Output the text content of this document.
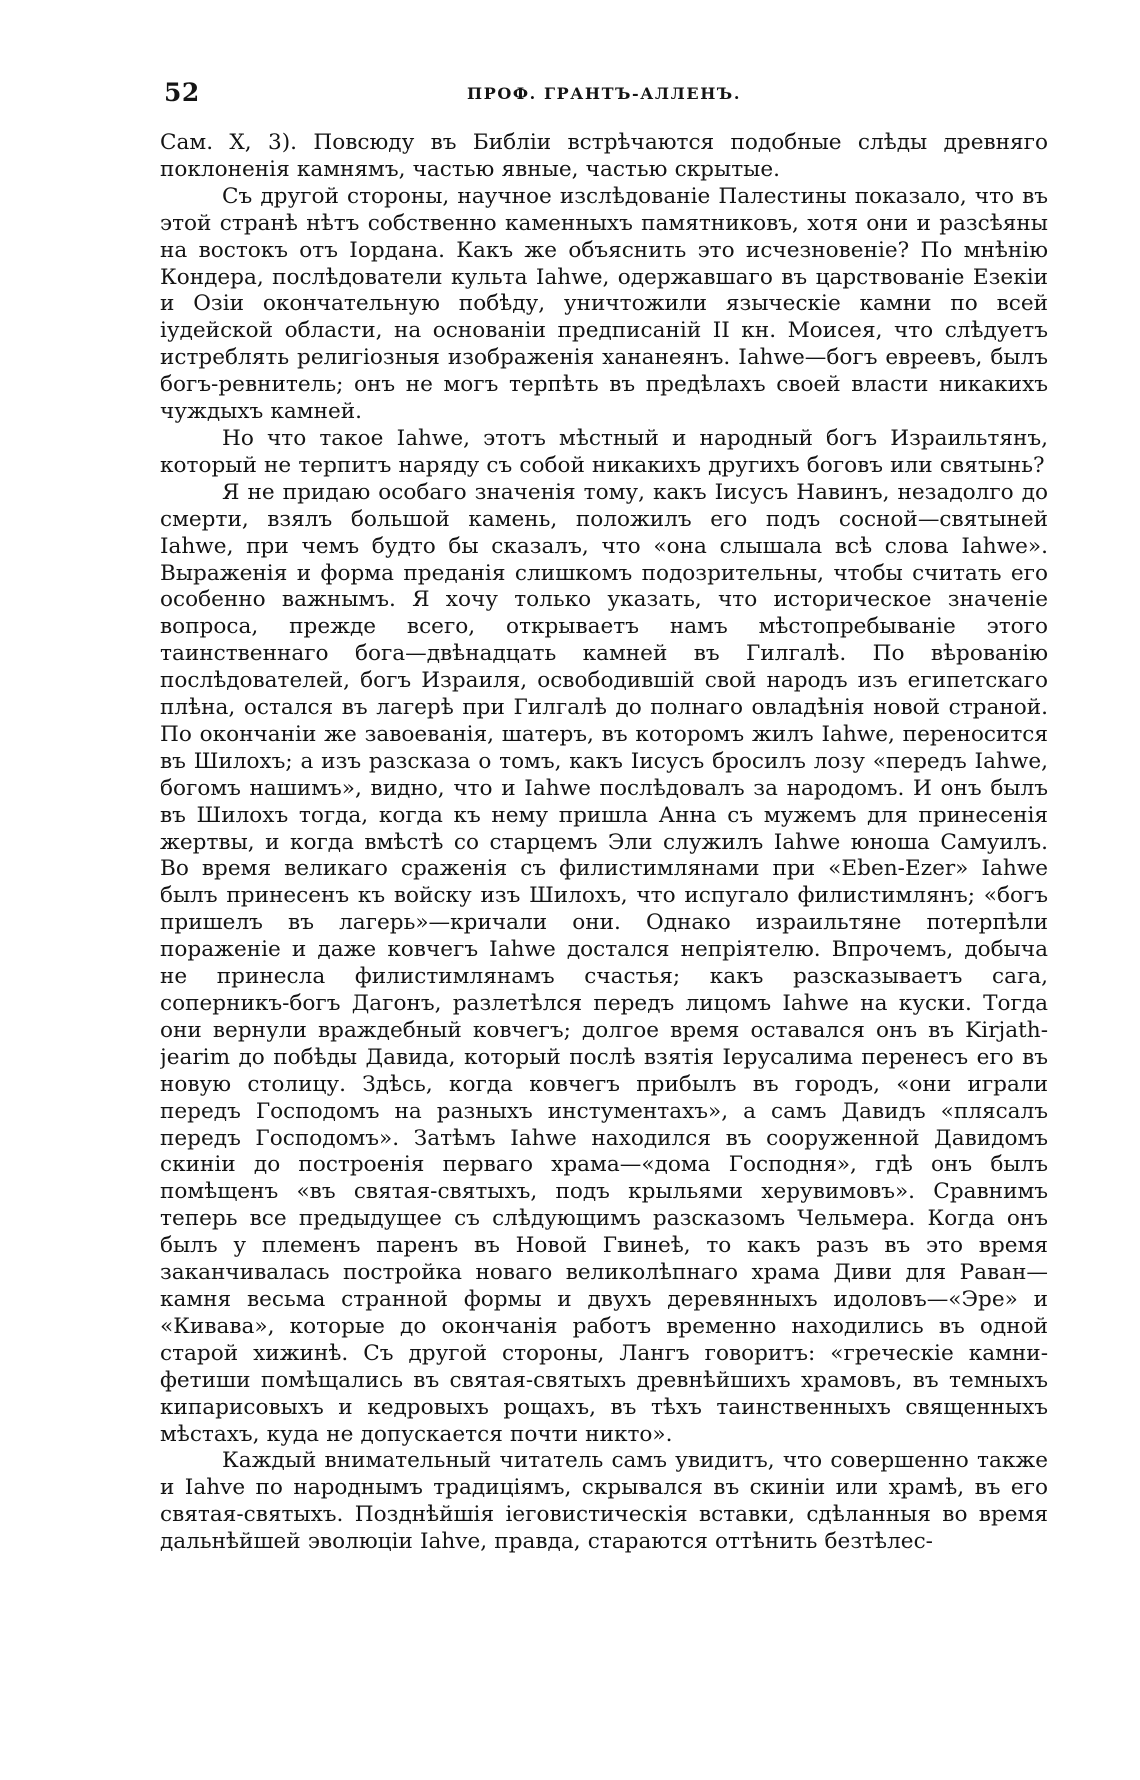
52	ПРОФ. ГРАНТЪ-АЛЛЕНЪ.

Сам. X, 3). Повсюду въ Библіи встрѣчаются подобные слѣды древняго поклоненія камнямъ, частью явные, частью скрытые.

Съ другой стороны, научное изслѣдованіе Палестины показало, что въ этой странѣ нѣтъ собственно каменныхъ памятниковъ, хотя они и разсѣяны на востокъ отъ Іордана. Какъ же объяснить это исчезновеніе? По мнѣнію Кондера, послѣдователи культа Iahwe, одержавшаго въ царствованіе Езекіи и Озіи окончательную побѣду, уничтожили языческіе камни по всей іудейской области, на основаніи предписаній II кн. Моисея, что слѣдуетъ истреблять религіозныя изображенія хананеянъ. Iahwe—богъ евреевъ, былъ богъ-ревнитель; онъ не могъ терпѣть въ предѣлахъ своей власти никакихъ чуждыхъ камней.

Но что такое Iahwe, этотъ мѣстный и народный богъ Израильтянъ, который не терпитъ наряду съ собой никакихъ другихъ боговъ или святынь?

Я не придаю особаго значенія тому, какъ Іисусъ Навинъ, незадолго до смерти, взялъ большой камень, положилъ его подъ сосной—святыней Iahwe, при чемъ будто бы сказалъ, что «она слышала всѣ слова Iahwe». Выраженія и форма преданія слишкомъ подозрительны, чтобы считать его особенно важнымъ. Я хочу только указать, что историческое значеніе вопроса, прежде всего, открываетъ намъ мѣстопребываніе этого таинственнаго бога—двѣнадцать камней въ Гилгалѣ. По вѣрованію послѣдователей, богъ Израиля, освободившій свой народъ изъ египетскаго плѣна, остался въ лагерѣ при Гилгалѣ до полнаго овладѣнія новой страной. По окончаніи же завоеванія, шатеръ, въ которомъ жилъ Iahwe, переносится въ Шилохъ; а изъ разсказа о томъ, какъ Іисусъ бросилъ лозу «передъ Iahwe, богомъ нашимъ», видно, что и Iahwe послѣдовалъ за народомъ. И онъ былъ въ Шилохъ тогда, когда къ нему пришла Анна съ мужемъ для принесенія жертвы, и когда вмѣстѣ со старцемъ Эли служилъ Iahwe юноша Самуилъ. Во время великаго сраженія съ филистимлянами при «Eben-Ezer» Iahwe былъ принесенъ къ войску изъ Шилохъ, что испугало филистимлянъ; «богъ пришелъ въ лагерь»—кричали они. Однако израильтяне потерпѣли пораженіе и даже ковчегъ Iahwe достался непріятелю. Впрочемъ, добыча не принесла филистимлянамъ счастья; какъ разсказываетъ сага, соперникъ-богъ Дагонъ, разлетѣлся передъ лицомъ Iahwe на куски. Тогда они вернули враждебный ковчегъ; долгое время оставался онъ въ Kirjath-jearim до побѣды Давида, который послѣ взятія Іерусалима перенесъ его въ новую столицу. Здѣсь, когда ковчегъ прибылъ въ городъ, «они играли передъ Господомъ на разныхъ инстументахъ», а самъ Давидъ «плясалъ передъ Господомъ». Затѣмъ Iahwe находился въ сооруженной Давидомъ скиніи до построенія перваго храма—«дома Господня», гдѣ онъ былъ помѣщенъ «въ святая-святыхъ, подъ крыльями херувимовъ». Сравнимъ теперь все предыдущее съ слѣдующимъ разсказомъ Чельмера. Когда онъ былъ у племенъ паренъ въ Новой Гвинеѣ, то какъ разъ въ это время заканчивалась постройка новаго великолѣпнаго храма Диви для Раван—камня весьма странной формы и двухъ деревянныхъ идоловъ—«Эре» и «Кивава», которые до окончанія работъ временно находились въ одной старой хижинѣ. Съ другой стороны, Лангъ говоритъ: «греческіе камни-фетиши помѣщались въ святая-святыхъ древнѣйшихъ храмовъ, въ темныхъ кипарисовыхъ и кедровыхъ рощахъ, въ тѣхъ таинственныхъ священныхъ мѣстахъ, куда не допускается почти никто».

Каждый внимательный читатель самъ увидитъ, что совершенно также и Iahve по народнымъ традиціямъ, скрывался въ скиніи или храмѣ, въ его святая-святыхъ. Позднѣйшія іеговистическія вставки, сдѣланныя во время дальнѣйшей эволюціи Iahve, правда, стараются оттѣнить безтѣлес-
